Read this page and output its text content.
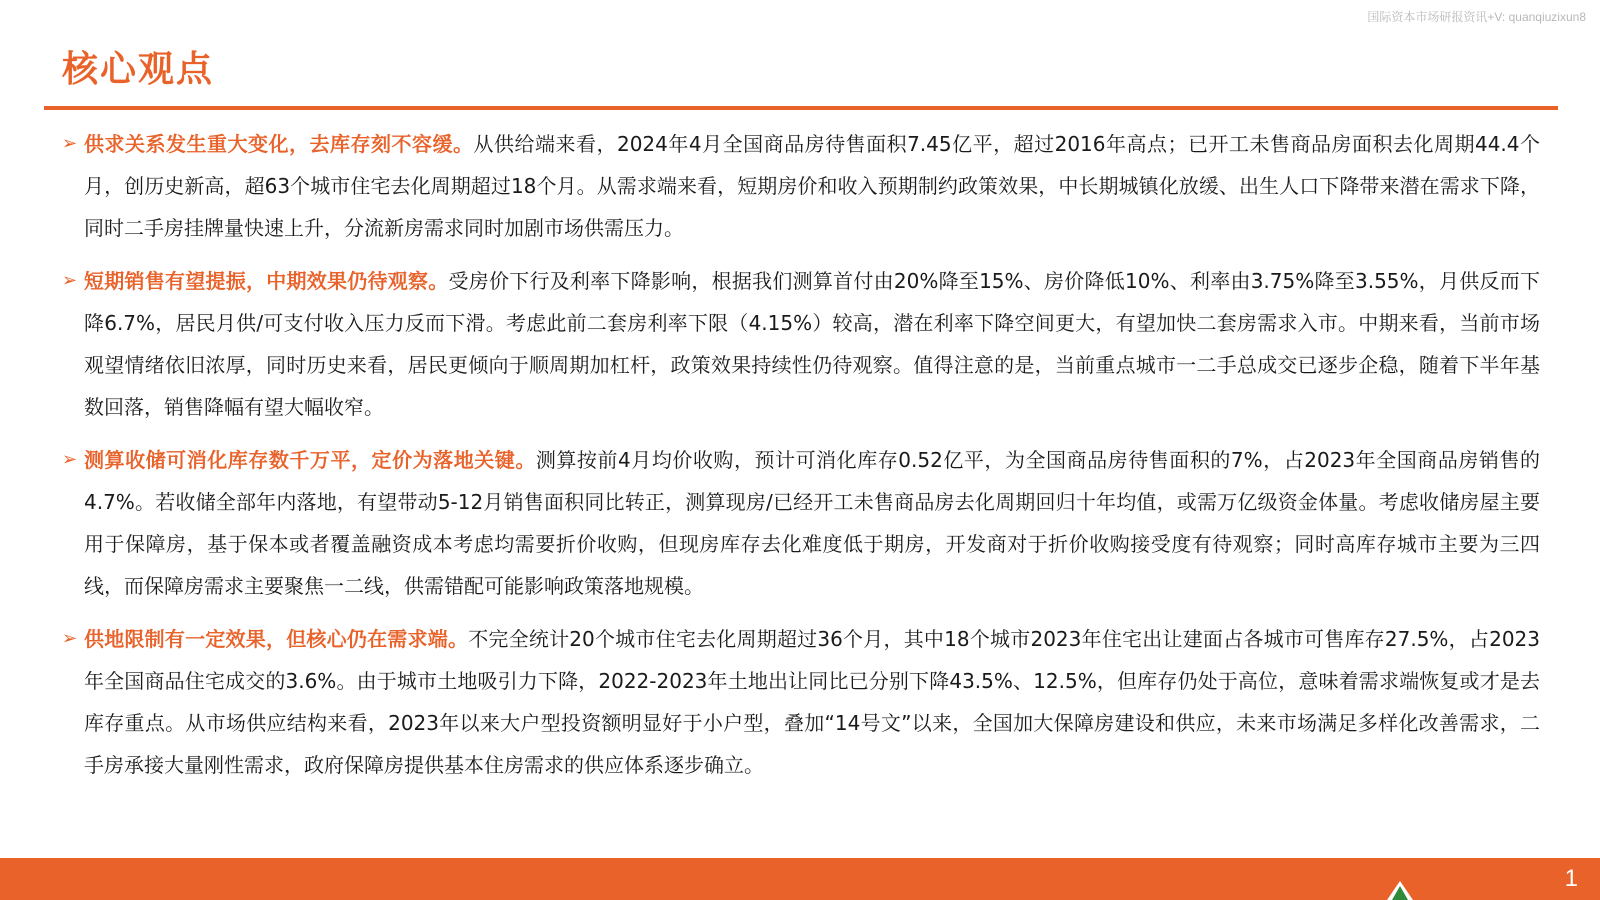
国际资本市场研报资讯+V: quanqiuzixun8
核心观点
➢ 供求关系发生重大变化，去库存刻不容缓。从供给端来看，2024年4月全国商品房待售面积7.45亿平，超过2016年高点；已开工未售商品房面积去化周期44.4个月，创历史新高，超63个城市住宅去化周期超过18个月。从需求端来看，短期房价和收入预期制约政策效果，中长期城镇化放缓、出生人口下降带来潜在需求下降，同时二手房挂牌量快速上升，分流新房需求同时加剧市场供需压力。
➢ 短期销售有望提振，中期效果仍待观察。受房价下行及利率下降影响，根据我们测算首付由20%降至15%、房价降低10%、利率由3.75%降至3.55%，月供反而下降6.7%，居民月供/可支付收入压力反而下滑。考虑此前二套房利率下限（4.15%）较高，潜在利率下降空间更大，有望加快二套房需求入市。中期来看，当前市场观望情绪依旧浓厚，同时历史来看，居民更倾向于顺周期加杠杆，政策效果持续性仍待观察。值得注意的是，当前重点城市一二手总成交已逐步企稳，随着下半年基数回落，销售降幅有望大幅收窄。
➢ 测算收储可消化库存数千万平，定价为落地关键。测算按前4月均价收购，预计可消化库存0.52亿平，为全国商品房待售面积的7%，占2023年全国商品房销售的4.7%。若收储全部年内落地，有望带动5-12月销售面积同比转正，测算现房/已经开工未售商品房去化周期回归十年均值，或需万亿级资金体量。考虑收储房屋主要用于保障房，基于保本或者覆盖融资成本考虑均需要折价收购，但现房库存去化难度低于期房，开发商对于折价收购接受度有待观察；同时高库存城市主要为三四线，而保障房需求主要聚焦一二线，供需错配可能影响政策落地规模。
➢ 供地限制有一定效果，但核心仍在需求端。不完全统计20个城市住宅去化周期超过36个月，其中18个城市2023年住宅出让建面占各城市可售库存27.5%，占2023年全国商品住宅成交的3.6%。由于城市土地吸引力下降，2022-2023年土地出让同比已分别下降43.5%、12.5%，但库存仍处于高位，意味着需求端恢复或才是去库存重点。从市场供应结构来看，2023年以来大户型投资额明显好于小户型，叠加“14号文”以来，全国加大保障房建设和供应，未来市场满足多样化改善需求，二手房承接大量刚性需求，政府保障房提供基本住房需求的供应体系逐步确立。
1
